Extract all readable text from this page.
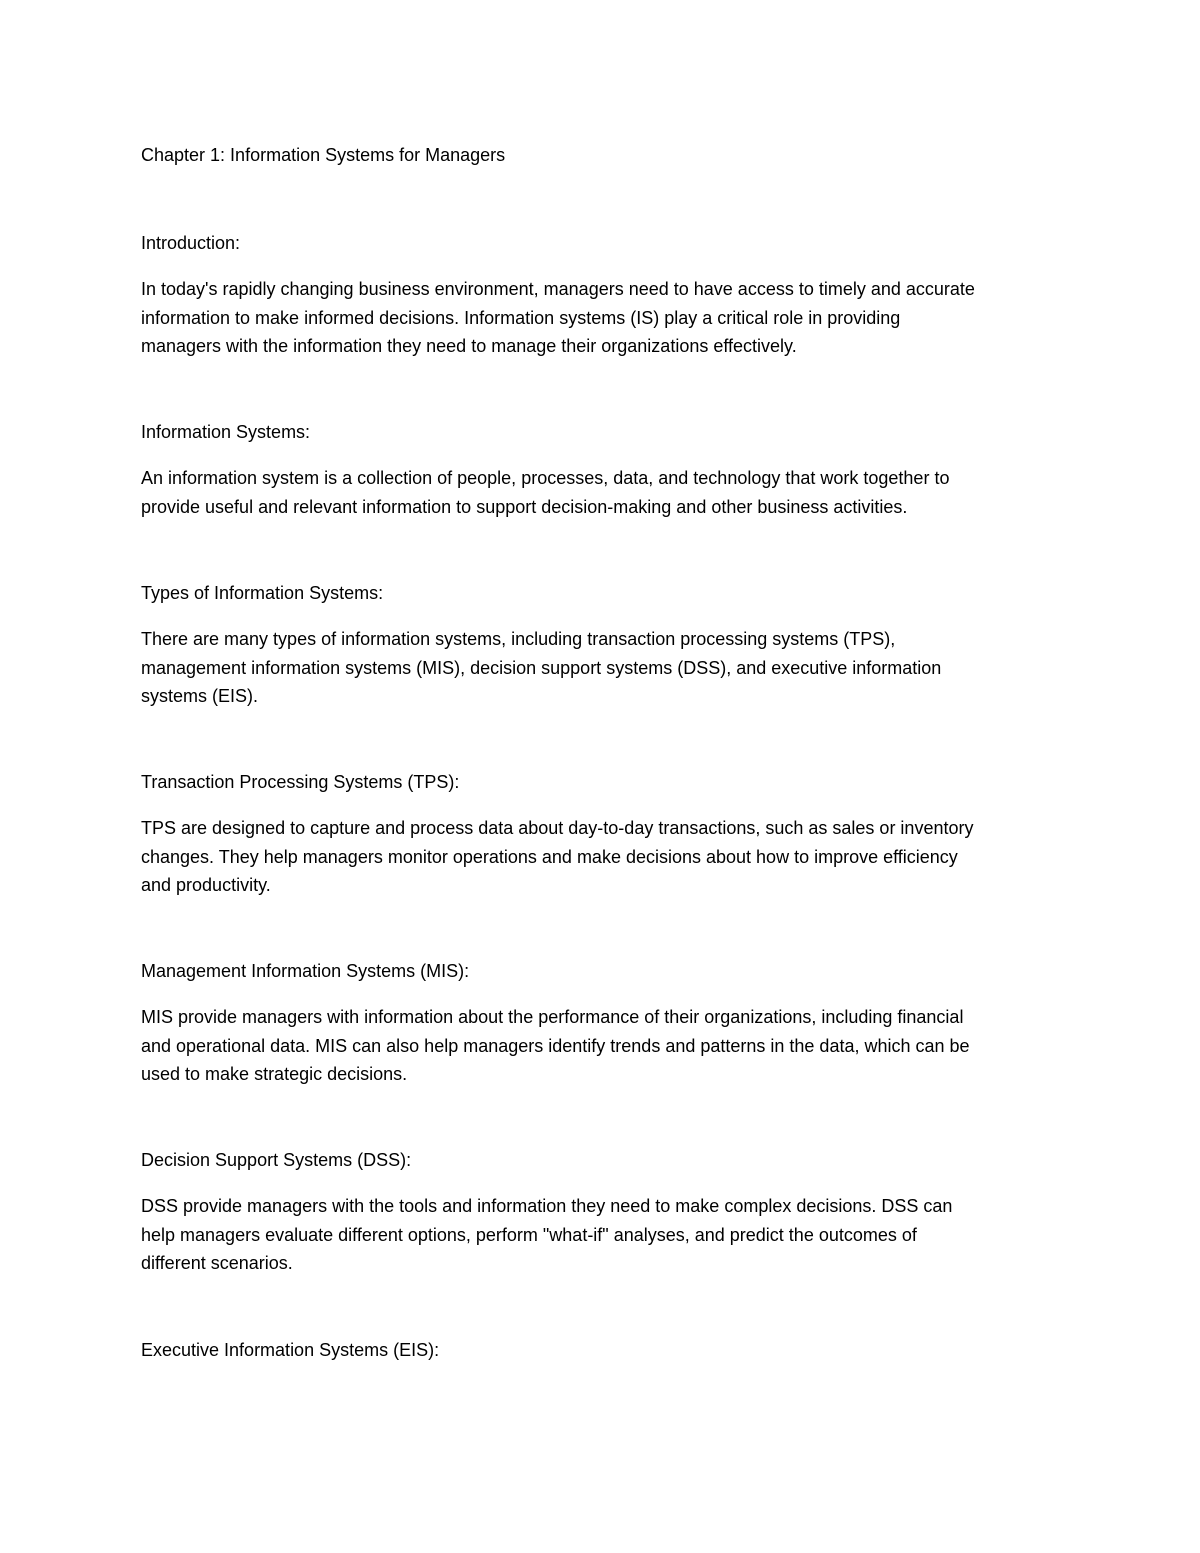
Chapter 1: Information Systems for Managers
Introduction:
In today's rapidly changing business environment, managers need to have access to timely and accurate
information to make informed decisions. Information systems (IS) play a critical role in providing
managers with the information they need to manage their organizations effectively.
Information Systems:
An information system is a collection of people, processes, data, and technology that work together to
provide useful and relevant information to support decision-making and other business activities.
Types of Information Systems:
There are many types of information systems, including transaction processing systems (TPS),
management information systems (MIS), decision support systems (DSS), and executive information
systems (EIS).
Transaction Processing Systems (TPS):
TPS are designed to capture and process data about day-to-day transactions, such as sales or inventory
changes. They help managers monitor operations and make decisions about how to improve efficiency
and productivity.
Management Information Systems (MIS):
MIS provide managers with information about the performance of their organizations, including financial
and operational data. MIS can also help managers identify trends and patterns in the data, which can be
used to make strategic decisions.
Decision Support Systems (DSS):
DSS provide managers with the tools and information they need to make complex decisions. DSS can
help managers evaluate different options, perform "what-if" analyses, and predict the outcomes of
different scenarios.
Executive Information Systems (EIS):
